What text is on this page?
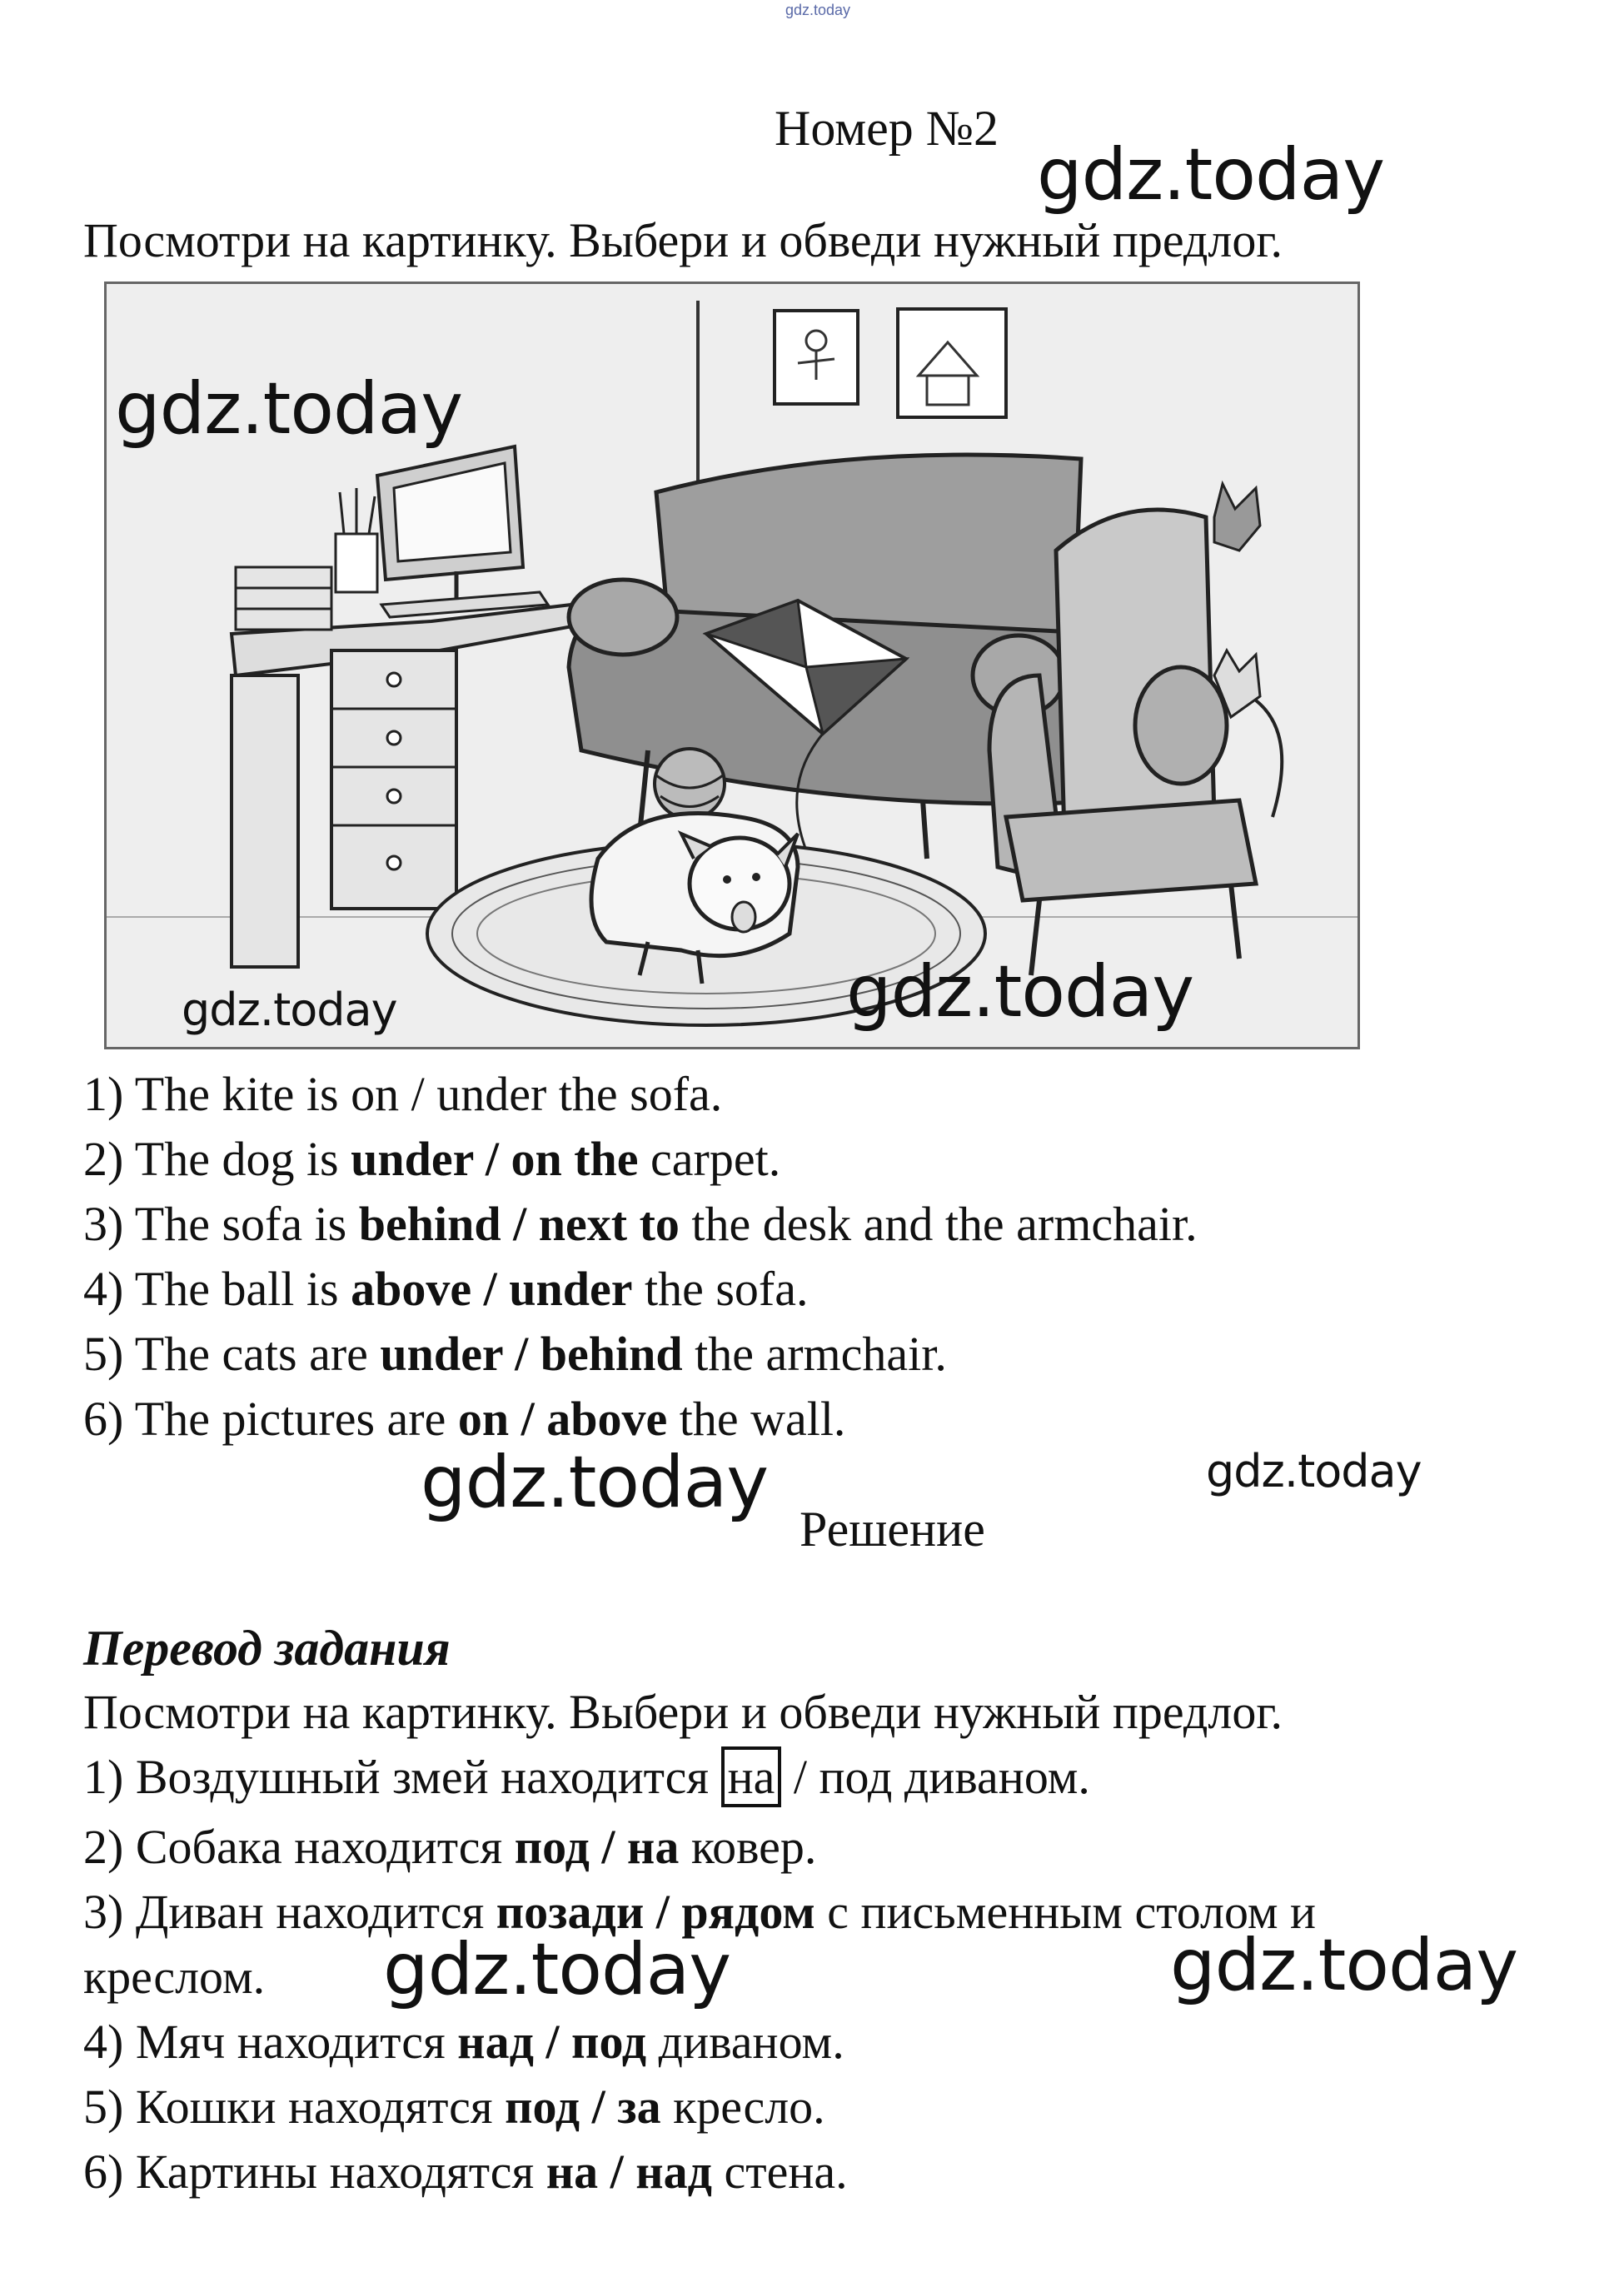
gdz.today
Номер №2
gdz.today
Посмотри на картинку. Выбери и обведи нужный предлог.
gdz.today
gdz.today	gdz.today
1) The kite is on / under the sofa.
2) The dog is under / on the carpet.
3) The sofa is behind / next to the desk and the armchair.
4) The ball is above / under the sofa.
5) The cats are under / behind the armchair.
6) The pictures are on / above the wall.
gdz.today	gdz.today
Решение
Перевод задания
Посмотри на картинку. Выбери и обведи нужный предлог.
1) Воздушный змей находится на / под диваном.
2) Собака находится под / на ковер.
3) Диван находится позади / рядом с письменным столом и
креслом. gdz.today	gdz.today
4) Мяч находится над / под диваном.
5) Кошки находятся под / за кресло.
6) Картины находятся на / над стена.
